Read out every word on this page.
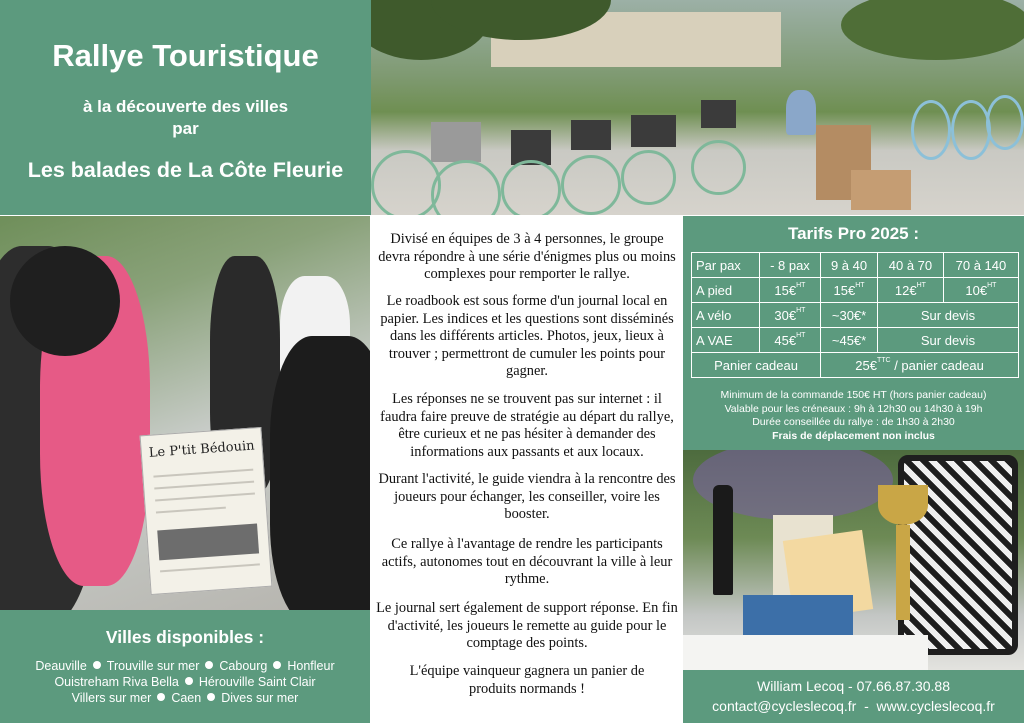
Rallye Touristique
à la découverte des villes
par
Les balades de La Côte Fleurie
Le P'tit Bédouin

Divisé en équipes de 3 à 4 personnes, le groupe devra répondre à une série d'énigmes plus ou moins complexes pour remporter le rallye.

Le roadbook est sous forme d'un journal local en papier. Les indices et les questions sont disséminés dans les différents articles. Photos, jeux, lieux à trouver ; permettront de cumuler les points pour gagner.

Les réponses ne se trouvent pas sur internet : il faudra faire preuve de stratégie au départ du rallye, être curieux et ne pas hésiter à demander des informations aux passants et aux locaux.

Durant l'activité, le guide viendra à la rencontre des joueurs pour échanger, les conseiller, voire les booster.

Ce rallye à l'avantage de rendre les participants actifs, autonomes tout en découvrant la ville à leur rythme.

Le journal sert également de support réponse. En fin d'activité, les joueurs le remette au guide pour le comptage des points.

L'équipe vainqueur gagnera un panier de produits normands !

Tarifs Pro 2025 :
Par pax	- 8 pax	9 à 40	40 à 70	70 à 140
A pied	15€$^{HT}$	15€$^{HT}$	12€$^{HT}$	10€$^{HT}$
A vélo	30€$^{HT}$	~30€*	Sur devis	
A VAE	45€$^{HT}$	~45€*	Sur devis	
Panier cadeau		25€$^{TTC}$ / panier cadeau		
Minimum de la commande 150€ HT (hors panier cadeau)
Valable pour les créneaux : 9h à 12h30 ou 14h30 à 19h
Durée conseillée du rallye : de 1h30 à 2h30
Frais de déplacement non inclus
Villes disponibles :
Deauville Trouville sur mer Cabourg Honfleur
Ouistreham Riva Bella Hérouville Saint Clair
Villers sur mer Caen Dives sur mer
William Lecoq - 07.66.87.30.88
contact@cycleslecoq.fr  -  www.cycleslecoq.fr
